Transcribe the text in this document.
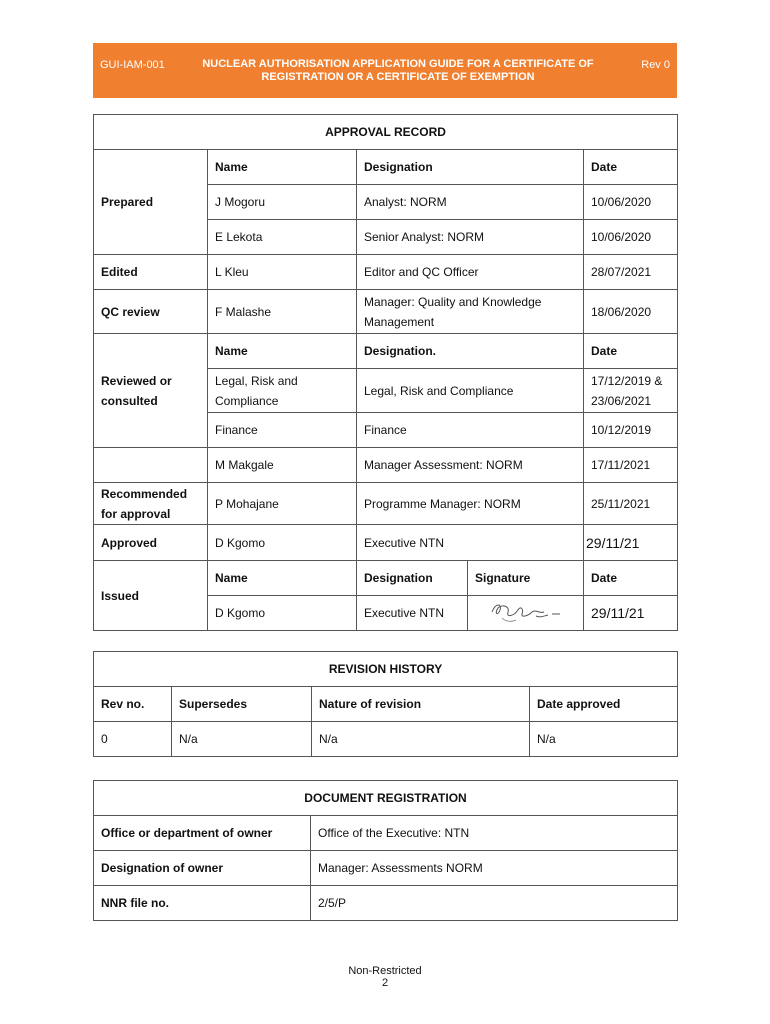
GUI-IAM-001	NUCLEAR AUTHORISATION APPLICATION GUIDE FOR A CERTIFICATE OF REGISTRATION OR A CERTIFICATE OF EXEMPTION
Rev 0
APPROVAL RECORD				
Prepared	Name	Designation		Date
	J Mogoru	Analyst: NORM		10/06/2020
	E Lekota	Senior Analyst: NORM		10/06/2020
Edited	L Kleu	Editor and QC Officer		28/07/2021
QC review	F Malashe	Manager: Quality and Knowledge Management		18/06/2020
Reviewed or consulted	Name	Designation.		Date
	Legal, Risk and Compliance	Legal, Risk and Compliance		17/12/2019 & 23/06/2021
	Finance	Finance		10/12/2019
	M Makgale	Manager Assessment: NORM		17/11/2021
Recommended for approval	P Mohajane	Programme Manager: NORM		25/11/2021
Approved	D Kgomo	Executive NTN		29/11/21
Issued	Name	Designation	Signature	Date
	D Kgomo	Executive NTN		29/11/21
REVISION HISTORY			
Rev no.	Supersedes	Nature of revision	Date approved
0	N/a	N/a	N/a
DOCUMENT REGISTRATION	
Office or department of owner	Office of the Executive: NTN
Designation of owner	Manager: Assessments NORM
NNR file no.	2/5/P
Non-Restricted
2
